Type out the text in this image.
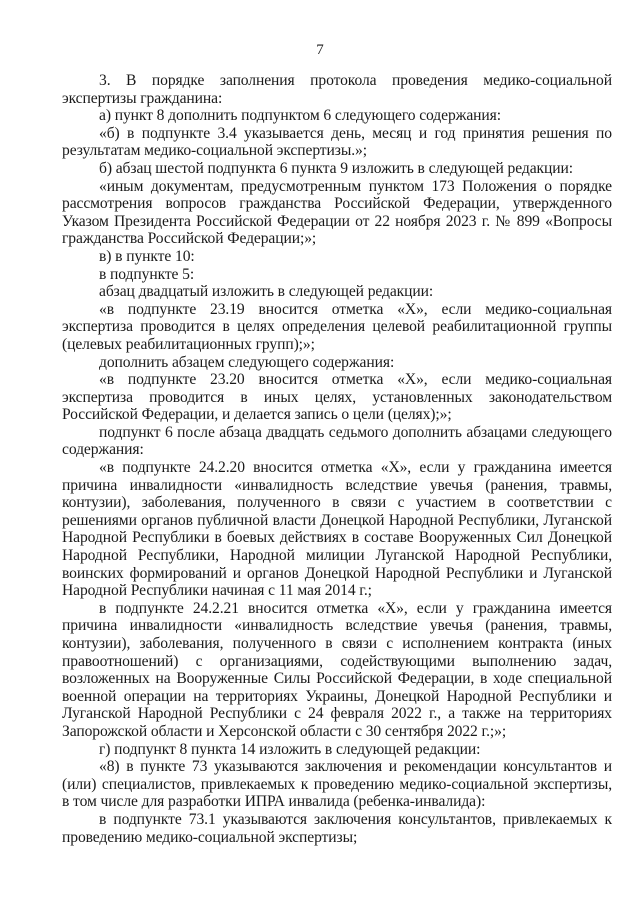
7

3. В порядке заполнения протокола проведения медико-социальной экспертизы гражданина:

а) пункт 8 дополнить подпунктом 6 следующего содержания:

«б) в подпункте 3.4 указывается день, месяц и год принятия решения по результатам медико-социальной экспертизы.»;

б) абзац шестой подпункта 6 пункта 9 изложить в следующей редакции:

«иным документам, предусмотренным пунктом 173 Положения о порядке рассмотрения вопросов гражданства Российской Федерации, утвержденного Указом Президента Российской Федерации от 22 ноября 2023 г. № 899 «Вопросы гражданства Российской Федерации;»;

в) в пункте 10:

в подпункте 5:

абзац двадцатый изложить в следующей редакции:

«в подпункте 23.19 вносится отметка «Х», если медико-социальная экспертиза проводится в целях определения целевой реабилитационной группы (целевых реабилитационных групп);»;

дополнить абзацем следующего содержания:

«в подпункте 23.20 вносится отметка «Х», если медико-социальная экспертиза проводится в иных целях, установленных законодательством Российской Федерации, и делается запись о цели (целях);»;

подпункт 6 после абзаца двадцать седьмого дополнить абзацами следующего содержания:

«в подпункте 24.2.20 вносится отметка «Х», если у гражданина имеется причина инвалидности «инвалидность вследствие увечья (ранения, травмы, контузии), заболевания, полученного в связи с участием в соответствии с решениями органов публичной власти Донецкой Народной Республики, Луганской Народной Республики в боевых действиях в составе Вооруженных Сил Донецкой Народной Республики, Народной милиции Луганской Народной Республики, воинских формирований и органов Донецкой Народной Республики и Луганской Народной Республики начиная с 11 мая 2014 г.;

в подпункте 24.2.21 вносится отметка «Х», если у гражданина имеется причина инвалидности «инвалидность вследствие увечья (ранения, травмы, контузии), заболевания, полученного в связи с исполнением контракта (иных правоотношений) с организациями, содействующими выполнению задач, возложенных на Вооруженные Силы Российской Федерации, в ходе специальной военной операции на территориях Украины, Донецкой Народной Республики и Луганской Народной Республики с 24 февраля 2022 г., а также на территориях Запорожской области и Херсонской области с 30 сентября 2022 г.;»;

г) подпункт 8 пункта 14 изложить в следующей редакции:

«8) в пункте 73 указываются заключения и рекомендации консультантов и (или) специалистов, привлекаемых к проведению медико-социальной экспертизы, в том числе для разработки ИПРА инвалида (ребенка-инвалида):

в подпункте 73.1 указываются заключения консультантов, привлекаемых к проведению медико-социальной экспертизы;
